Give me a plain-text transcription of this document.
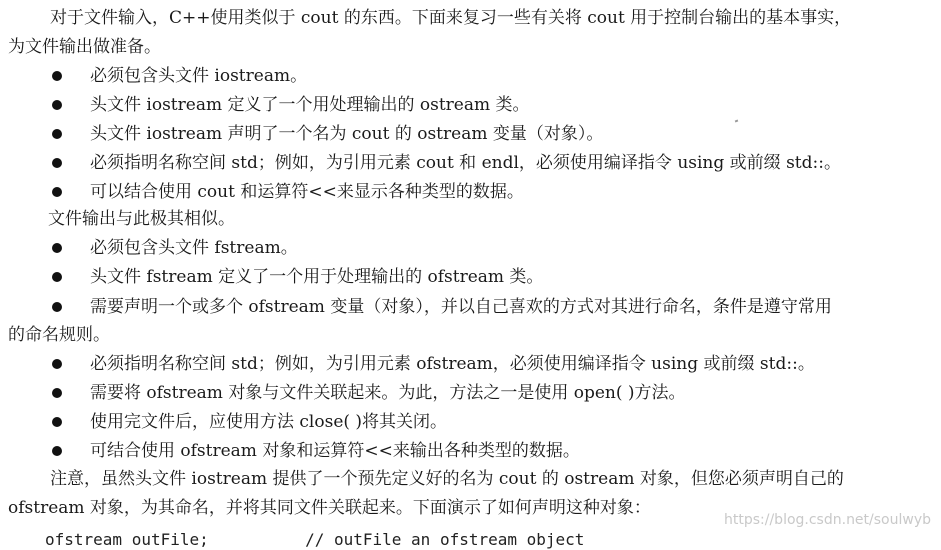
对于文件输入，C++使用类似于 cout 的东西。下面来复习一些有关将 cout 用于控制台输出的基本事实，
为文件输出做准备。
必须包含头文件 iostream。
头文件 iostream 定义了一个用处理输出的 ostream 类。
头文件 iostream 声明了一个名为 cout 的 ostream 变量（对象）。
必须指明名称空间 std；例如，为引用元素 cout 和 endl，必须使用编译指令 using 或前缀 std::。
可以结合使用 cout 和运算符<<来显示各种类型的数据。
文件输出与此极其相似。
必须包含头文件 fstream。
头文件 fstream 定义了一个用于处理输出的 ofstream 类。
需要声明一个或多个 ofstream 变量（对象），并以自己喜欢的方式对其进行命名，条件是遵守常用
的命名规则。
必须指明名称空间 std；例如，为引用元素 ofstream，必须使用编译指令 using 或前缀 std::。
需要将 ofstream 对象与文件关联起来。为此，方法之一是使用 open( )方法。
使用完文件后，应使用方法 close( )将其关闭。
可结合使用 ofstream 对象和运算符<<来输出各种类型的数据。
注意，虽然头文件 iostream 提供了一个预先定义好的名为 cout 的 ostream 对象，但您必须声明自己的
ofstream 对象，为其命名，并将其同文件关联起来。下面演示了如何声明这种对象：
ofstream outFile;          // outFile an ofstream object
https://blog.csdn.net/soulwyb
